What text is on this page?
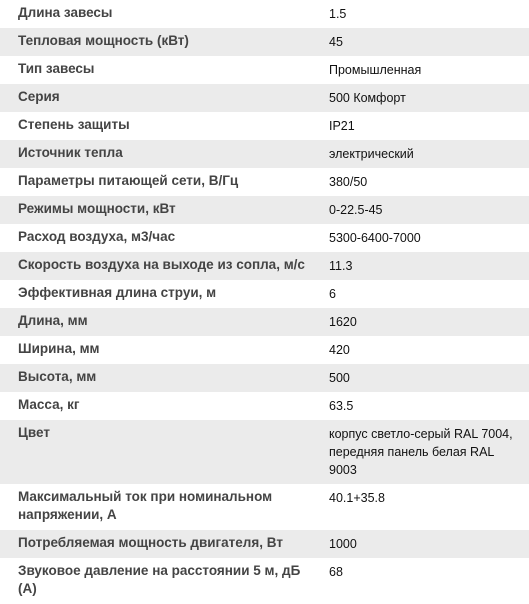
Длина завесы	1.5
Тепловая мощность (кВт)	45
Тип завесы	Промышленная
Серия	500 Комфорт
Степень защиты	IP21
Источник тепла	электрический
Параметры питающей сети, В/Гц	380/50
Режимы мощности, кВт	0-22.5-45
Расход воздуха, м3/час	5300-6400-7000
Скорость воздуха на выходе из сопла, м/с	11.3
Эффективная длина струи, м	6
Длина, мм	1620
Ширина, мм	420
Высота, мм	500
Масса, кг	63.5
Цвет	корпус светло-серый RAL 7004, передняя панель белая RAL 9003
Максимальный ток при номинальном напряжении, А	40.1+35.8
Потребляемая мощность двигателя, Вт	1000
Звуковое давление на расстоянии 5 м, дБ (А)	68
